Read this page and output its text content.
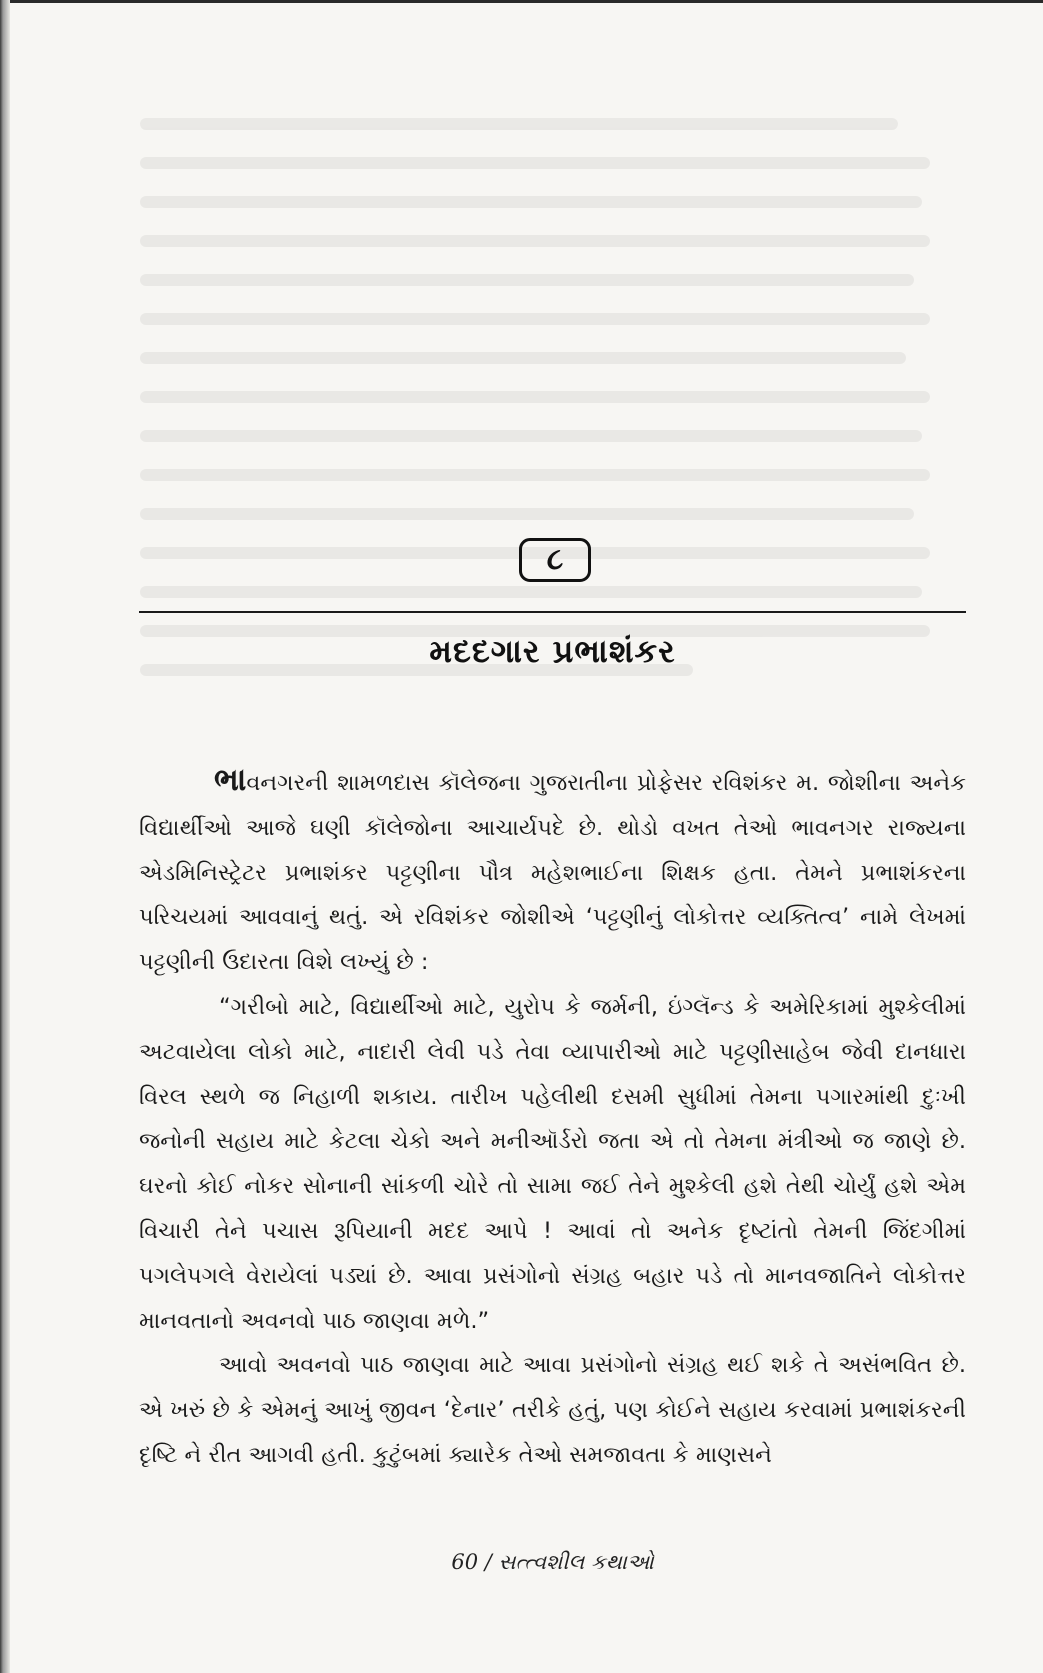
૮
મદદગાર પ્રભાશંકર

ભાવનગરની શામળદાસ કૉલેજના ગુજરાતીના પ્રોફેસર રવિશંકર મ. જોશીના અનેક વિદ્યાર્થીઓ આજે ઘણી કૉલેજોના આચાર્યપદે છે. થોડો વખત તેઓ ભાવનગર રાજ્યના એડમિનિસ્ટ્રેટર પ્રભાશંકર પટ્ટણીના પૌત્ર મહેશભાઈના શિક્ષક હતા. તેમને પ્રભાશંકરના પરિચયમાં આવવાનું થતું. એ રવિશંકર જોશીએ ‘પટ્ટણીનું લોકોત્તર વ્યક્તિત્વ’ નામે લેખમાં પટ્ટણીની ઉદારતા વિશે લખ્યું છે :

“ગરીબો માટે, વિદ્યાર્થીઓ માટે, યુરોપ કે જર્મની, ઇંગ્લૅન્ડ કે અમેરિકામાં મુશ્કેલીમાં અટવાયેલા લોકો માટે, નાદારી લેવી પડે તેવા વ્યાપારીઓ માટે પટ્ટણીસાહેબ જેવી દાનધારા વિરલ સ્થળે જ નિહાળી શકાય. તારીખ પહેલીથી દસમી સુધીમાં તેમના પગારમાંથી દુઃખી જનોની સહાય માટે કેટલા ચેકો અને મનીઑર્ડરો જતા એ તો તેમના મંત્રીઓ જ જાણે છે. ઘરનો કોઈ નોકર સોનાની સાંકળી ચોરે તો સામા જઈ તેને મુશ્કેલી હશે તેથી ચોર્યું હશે એમ વિચારી તેને પચાસ રૂપિયાની મદદ આપે ! આવાં તો અનેક દૃષ્ટાંતો તેમની જિંદગીમાં પગલેપગલે વેરાયેલાં પડ્યાં છે. આવા પ્રસંગોનો સંગ્રહ બહાર પડે તો માનવજાતિને લોકોત્તર માનવતાનો અવનવો પાઠ જાણવા મળે.”

આવો અવનવો પાઠ જાણવા માટે આવા પ્રસંગોનો સંગ્રહ થઈ શકે તે અસંભવિત છે. એ ખરું છે કે એમનું આખું જીવન ‘દેનાર’ તરીકે હતું, પણ કોઈને સહાય કરવામાં પ્રભાશંકરની દૃષ્ટિ ને રીત આગવી હતી. કુટુંબમાં ક્યારેક તેઓ સમજાવતા કે માણસને

60 / સત્ત્વશીલ કથાઓ
